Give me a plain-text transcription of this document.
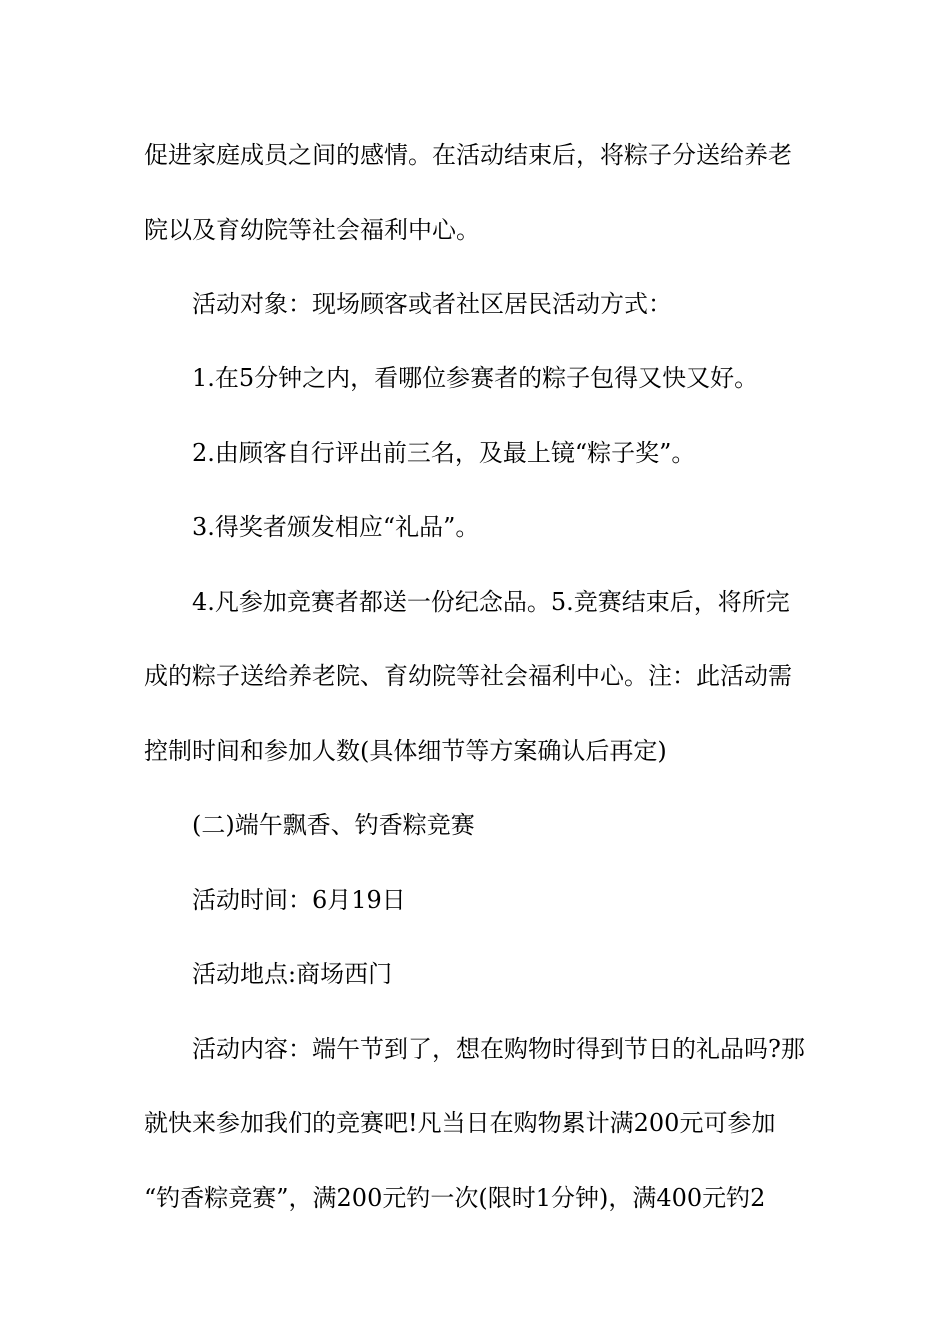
促进家庭成员之间的感情。在活动结束后，将粽子分送给养老
院以及育幼院等社会福利中心。
活动对象：现场顾客或者社区居民活动方式：
1.在5分钟之内，看哪位参赛者的粽子包得又快又好。
2.由顾客自行评出前三名，及最上镜“粽子奖”。
3.得奖者颁发相应“礼品”。
4.凡参加竞赛者都送一份纪念品。5.竞赛结束后，将所完
成的粽子送给养老院、育幼院等社会福利中心。注：此活动需
控制时间和参加人数(具体细节等方案确认后再定)
(二)端午飘香、钓香粽竞赛
活动时间：6月19日
活动地点:商场西门
活动内容：端午节到了，想在购物时得到节日的礼品吗?那
就快来参加我们的竞赛吧!凡当日在购物累计满200元可参加
“钓香粽竞赛”，满200元钓一次(限时1分钟)，满400元钓2
